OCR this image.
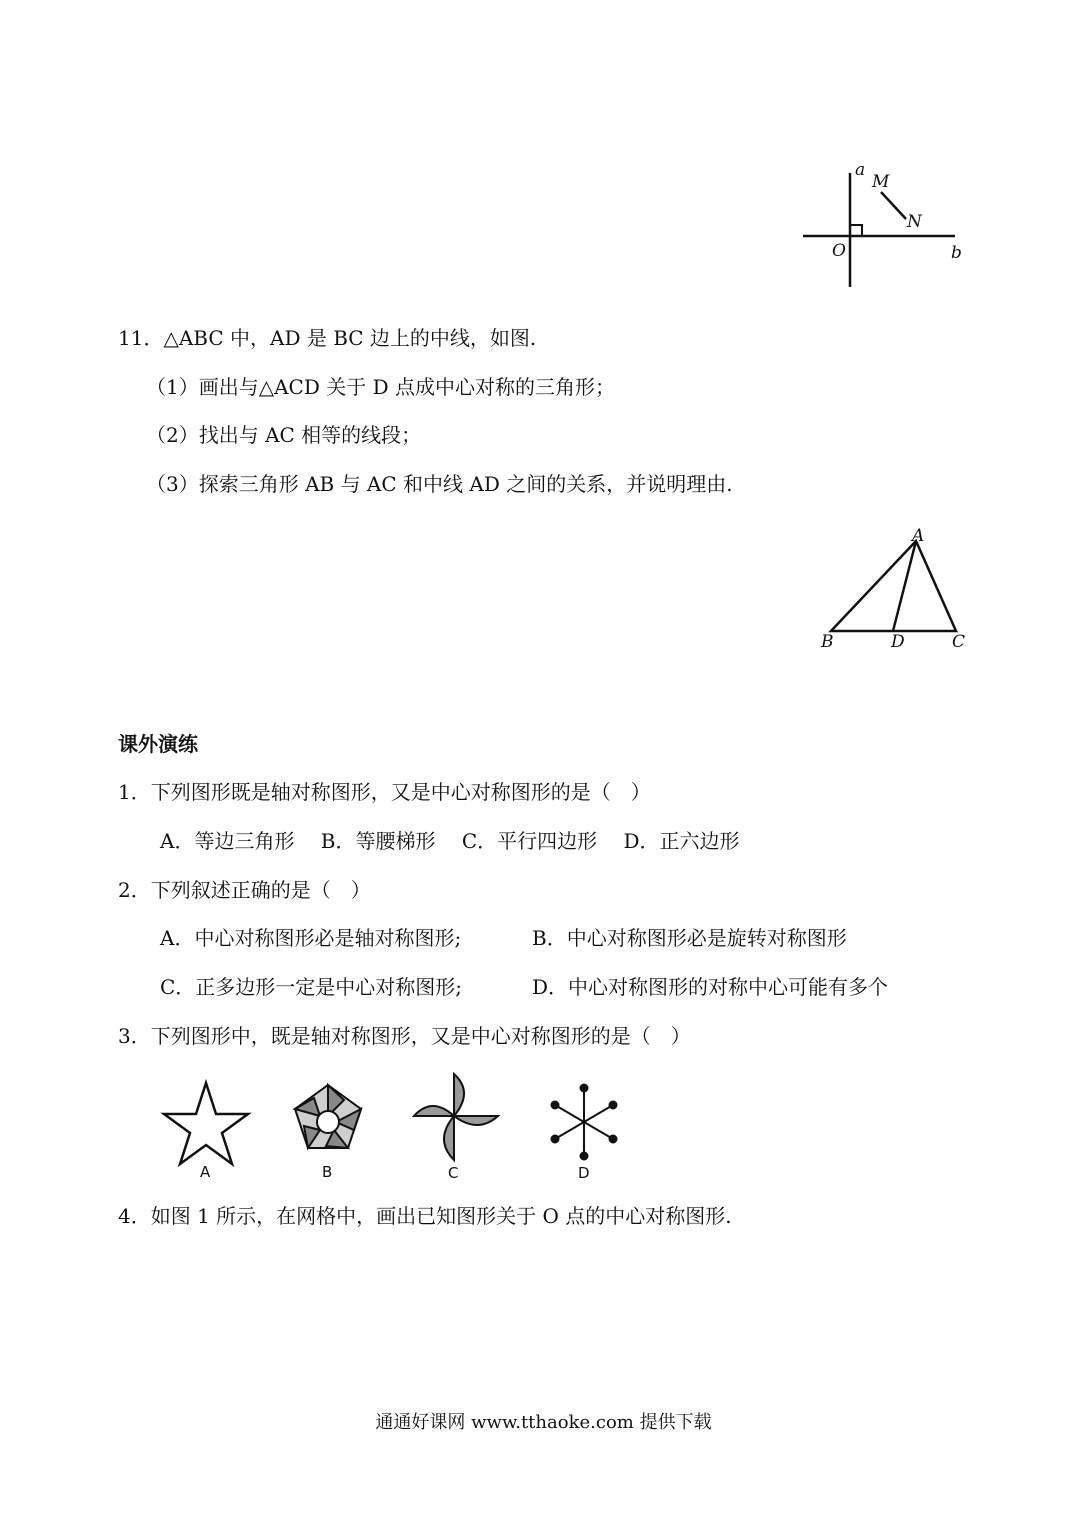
a
M
N
O	b
11．△ABC 中，AD 是 BC 边上的中线，如图.
（1）画出与△ACD 关于 D 点成中心对称的三角形；
（2）找出与 AC 相等的线段；
（3）探索三角形 AB 与 AC 和中线 AD 之间的关系，并说明理由.
A
B	D	C
课外演练
1．下列图形既是轴对称图形，又是中心对称图形的是（　）
A．等边三角形　 B．等腰梯形　 C．平行四边形　 D．正六边形
2．下列叙述正确的是（　）
A．中心对称图形必是轴对称图形;	B．中心对称图形必是旋转对称图形
C．正多边形一定是中心对称图形;	D．中心对称图形的对称中心可能有多个
3．下列图形中，既是轴对称图形，又是中心对称图形的是（　）
A	B	C	D
4．如图 1 所示，在网格中，画出已知图形关于 O 点的中心对称图形.
通通好课网 www.tthaoke.com 提供下载
